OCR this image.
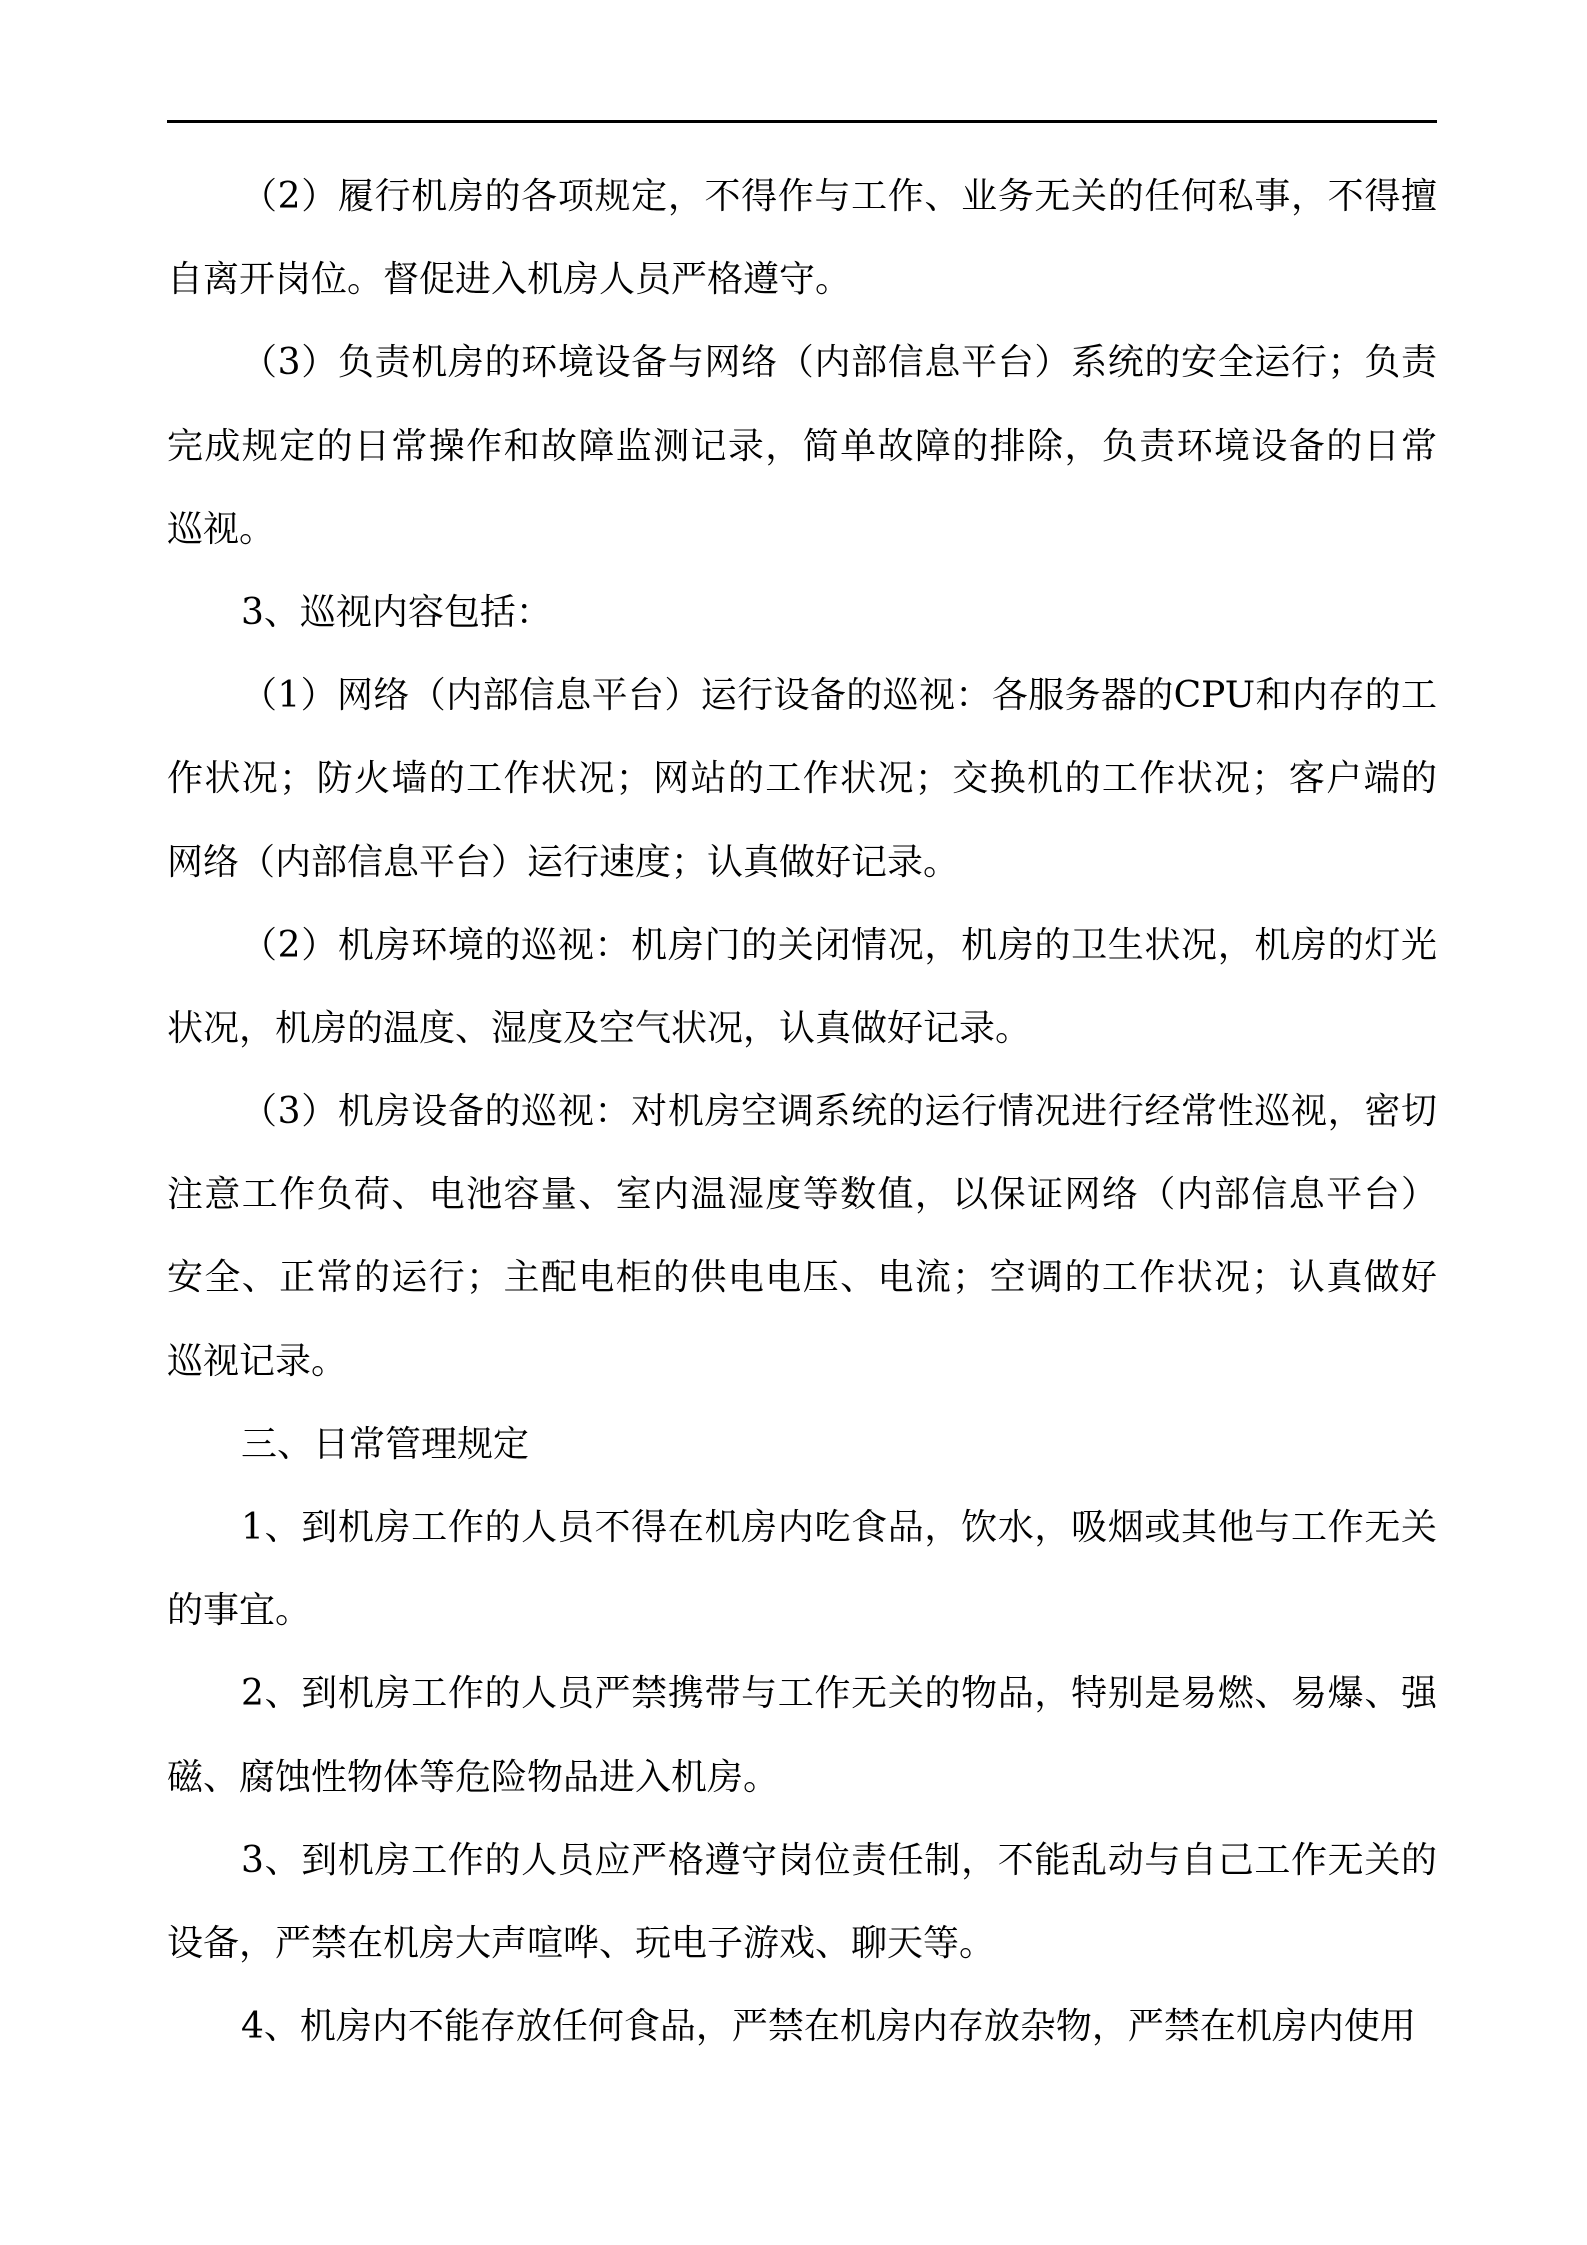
（2）履行机房的各项规定，不得作与工作、业务无关的任何私事，不得擅
自离开岗位。督促进入机房人员严格遵守。
（3）负责机房的环境设备与网络（内部信息平台）系统的安全运行；负责
完成规定的日常操作和故障监测记录，简单故障的排除，负责环境设备的日常
巡视。
3、巡视内容包括：
（1）网络（内部信息平台）运行设备的巡视：各服务器的CPU和内存的工
作状况；防火墙的工作状况；网站的工作状况；交换机的工作状况；客户端的
网络（内部信息平台）运行速度；认真做好记录。
（2）机房环境的巡视：机房门的关闭情况，机房的卫生状况，机房的灯光
状况，机房的温度、湿度及空气状况，认真做好记录。
（3）机房设备的巡视：对机房空调系统的运行情况进行经常性巡视，密切
注意工作负荷、电池容量、室内温湿度等数值，以保证网络（内部信息平台）
安全、正常的运行；主配电柜的供电电压、电流；空调的工作状况；认真做好
巡视记录。
三、日常管理规定
1、到机房工作的人员不得在机房内吃食品，饮水，吸烟或其他与工作无关
的事宜。
2、到机房工作的人员严禁携带与工作无关的物品，特别是易燃、易爆、强
磁、腐蚀性物体等危险物品进入机房。
3、到机房工作的人员应严格遵守岗位责任制，不能乱动与自己工作无关的
设备，严禁在机房大声喧哗、玩电子游戏、聊天等。
4、机房内不能存放任何食品，严禁在机房内存放杂物，严禁在机房内使用
